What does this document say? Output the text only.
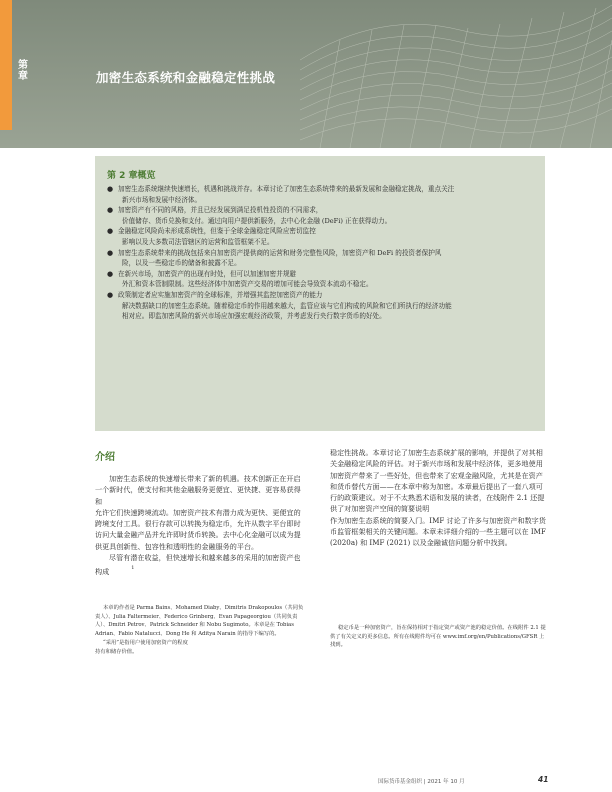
第
章	加密生态系统和金融稳定性挑战
第 2 章概览
● 加密生态系统继续快速增长，机遇和挑战并存。本章讨论了加密生态系统带来的最新发展和金融稳定挑战，重点关注
新兴市场和发展中经济体。
● 加密资产有不同的风格，并且已经发展到满足投机性投资的不同需求，
价值储存、货币兑换和支付。通过向用户提供新服务，去中心化金融 (DeFi) 正在获得动力。
● 金融稳定风险尚未形成系统性，但鉴于全球金融稳定风险应密切监控
影响以及大多数司法管辖区的运营和监管框架不足。
● 加密生态系统带来的挑战包括来自加密资产提供商的运营和财务完整性风险，加密资产和 DeFi 的投资者保护风
险，以及一些稳定币的储备和披露不足。
● 在新兴市场，加密资产的出现有时处，但可以加速加密并规避
外汇和资本管制限制。这些经济体中加密资产交易的增加可能会导致资本流动不稳定。
● 政策制定者应实施加密资产的全球标准，并增强其监控加密资产的能力
解决数据缺口的加密生态系统。随着稳定币的作用越来越大，监管应该与它们构成的风险和它们所执行的经济功能
相对应。即监加密风险的新兴市场应加强宏观经济政策，并考虑发行央行数字货币的好处。
介绍

加密生态系统的快速增长带来了新的机遇。技术创新正在开启一个新时代，使支付和其他金融服务更便宜、更快捷、更容易获得和

允许它们快速跨境流动。加密资产技术有潜力成为更快、更便宜的跨境支付工具。很行存款可以转换为稳定币，允许从数字平台即时访问大量金融产品并允许即时货币转换。去中心化金融可以成为提供更具创新性、包容性和透明性的金融服务的平台。

尽管有潜在收益，但快速增长和越来越多的采用的加密资产也构成	$^1$

本章的作者是 Parma Bains、Mohamed Diaby、Dimitris Drakopoulos（共同负责人）、Julia Faltermeier、Federico Grinberg、Evan Papageorgiou（共同负责人）、Dmitri Petrov、Patrick Schneider 和 Nobu Sugimoto。本章是在 Tobias Adrian、Fabio Natalucci、Dong He 和 Aditya Narain 的指导下编写的。

“采用”是指用户使用加密资产的程度

持有和储存价值。

稳定性挑战。本章讨论了加密生态系统扩展的影响，并提供了对其相关金融稳定风险的评估。对于新兴市场和发展中经济体，更多地使用加密资产带来了一些好处，但也带来了宏观金融风险，尤其是在资产和货币替代方面——在本章中称为加密。本章最后提出了一套八项可行的政策建议。对于不太熟悉术语和发展的读者，在线附件 2.1 还提供了对加密资产空间的简要说明

作为加密生态系统的简要入门。IMF 讨论了许多与加密资产和数字货币监管框架相关的关键问题。本章未详细介绍的一些主题可以在 IMF (2020a) 和 IMF (2021) 以及金融诚信问题分析中找到。

稳定币是一种加密资产，旨在保持相对于指定资产或资产池的稳定价值。在线附件 2.1 提供了有关定义的更多信息。所有在线附件均可在 www.imf.org/en/Publications/GFSR 上找到。

国际货币基金组织 | 2021 年 10 月	41
